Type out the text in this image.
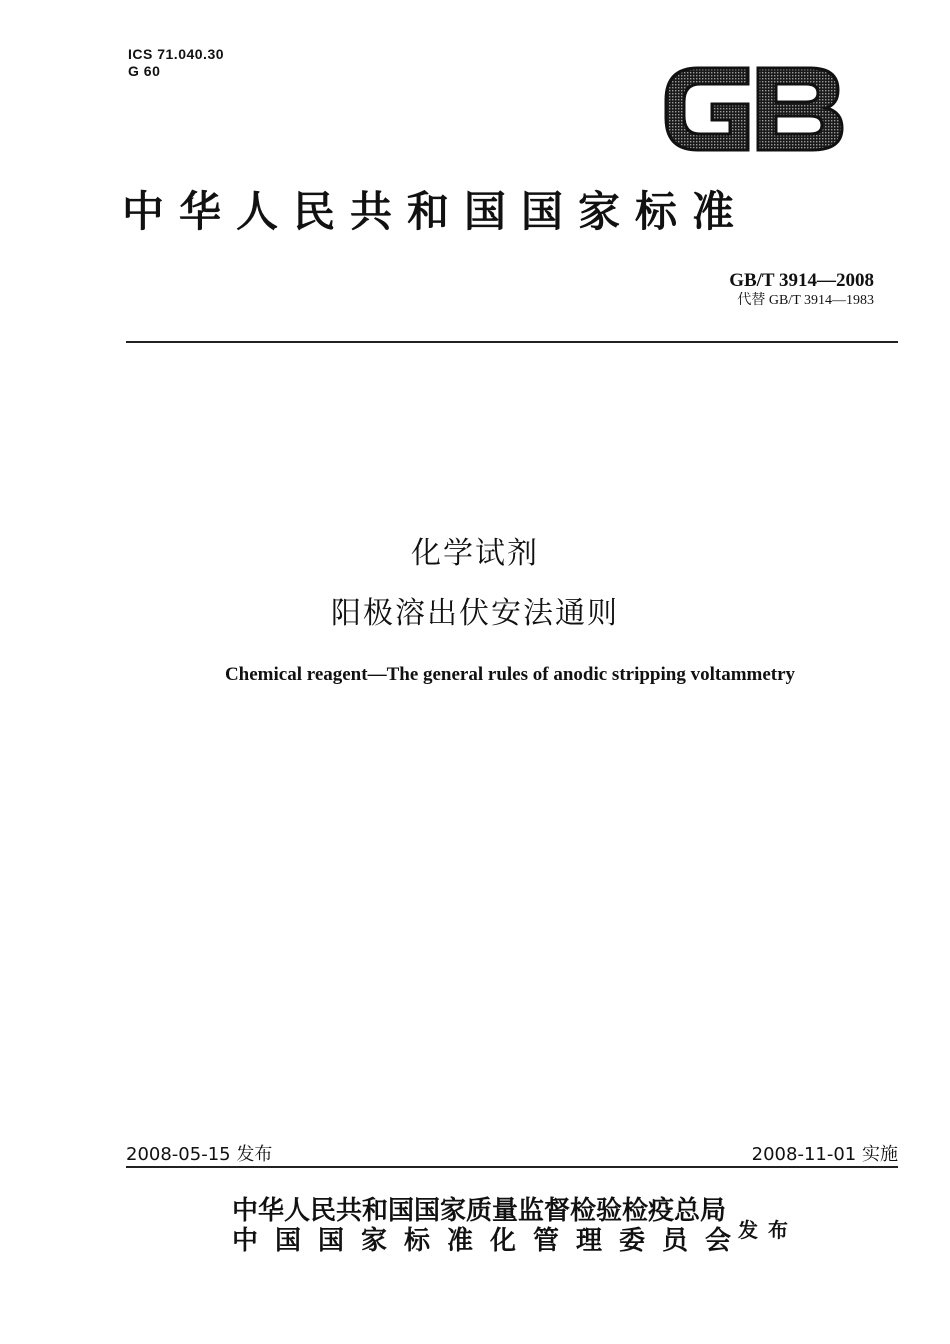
ICS 71.040.30
G 60
中华人民共和国国家标准
GB/T 3914—2008
代替 GB/T 3914—1983
化学试剂
阳极溶出伏安法通则
Chemical reagent—The general rules of anodic stripping voltammetry
2008-05-15 发布	2008-11-01 实施
中华人民共和国国家质量监督检验检疫总局
中国国家标准化管理委员会
发布
